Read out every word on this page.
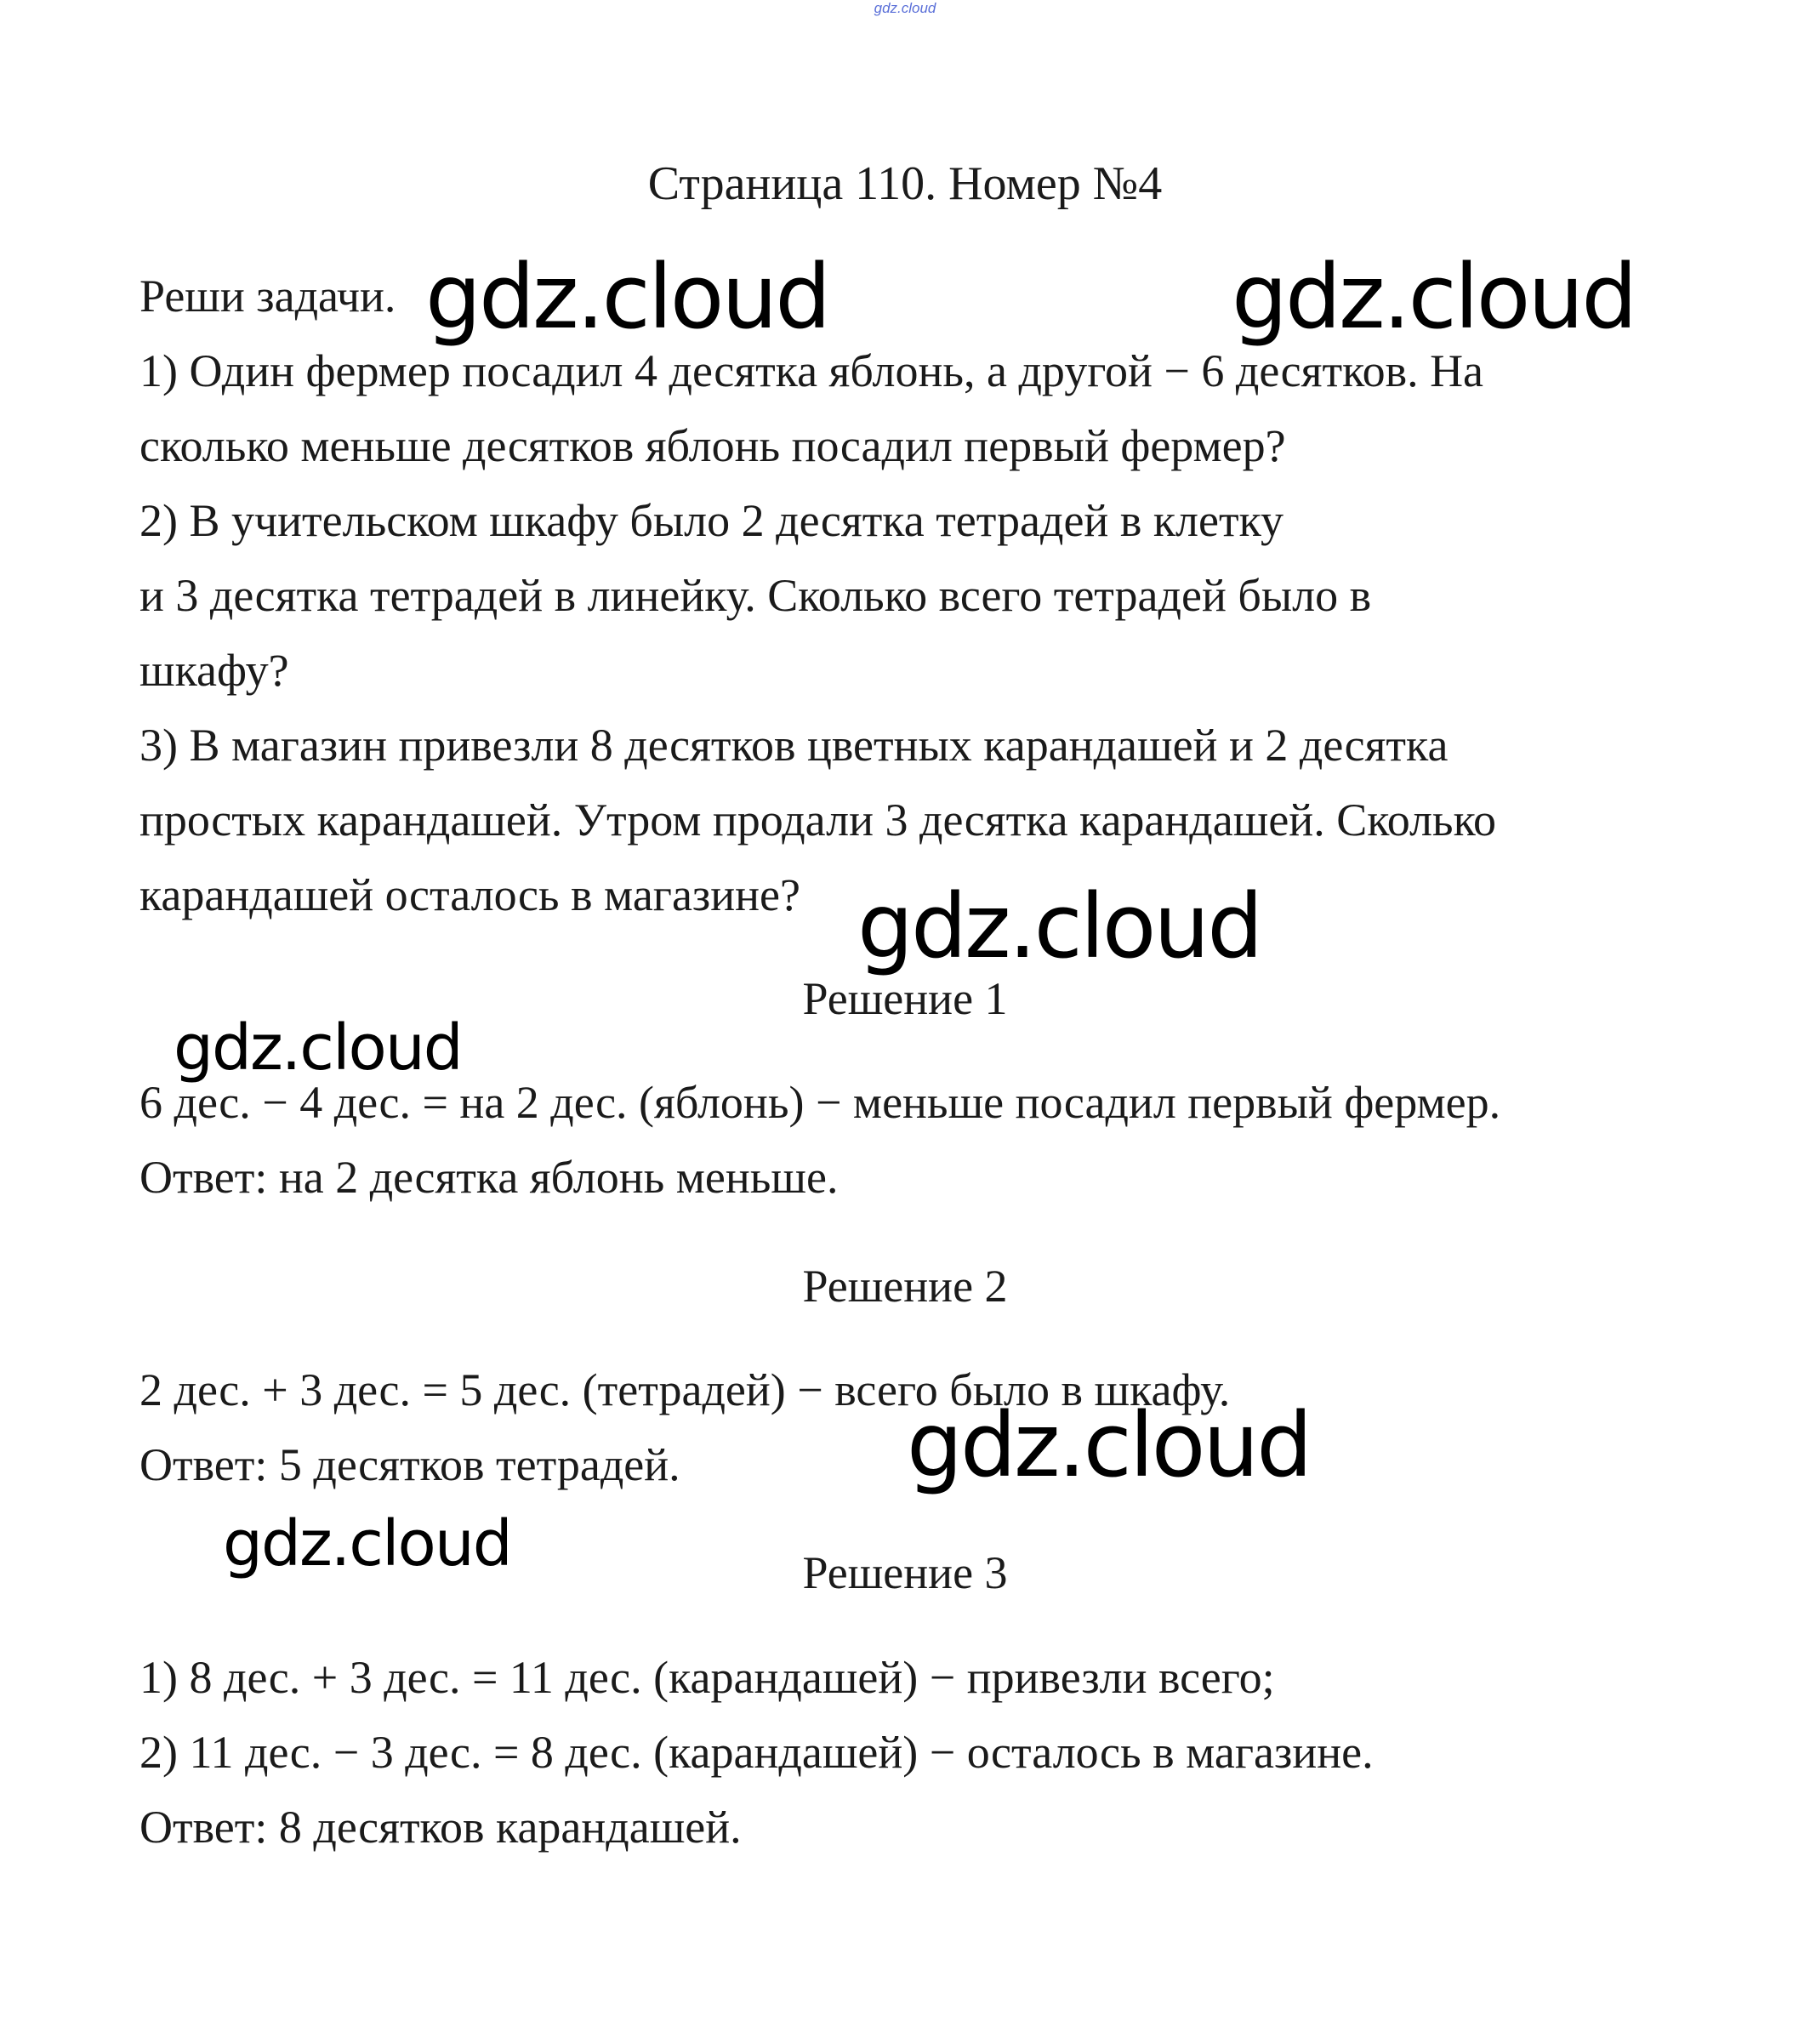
gdz.cloud
Страница 110. Номер №4
Реши задачи.
1) Один фермер посадил 4 десятка яблонь, а другой − 6 десятков. На
сколько меньше десятков яблонь посадил первый фермер?
2) В учительском шкафу было 2 десятка тетрадей в клетку
и 3 десятка тетрадей в линейку. Сколько всего тетрадей было в
шкафу?
3) В магазин привезли 8 десятков цветных карандашей и 2 десятка
простых карандашей. Утром продали 3 десятка карандашей. Сколько
карандашей осталось в магазине?
Решение 1
6 дес. − 4 дес. = на 2 дес. (яблонь) − меньше посадил первый фермер.
Ответ: на 2 десятка яблонь меньше.
Решение 2
2 дес. + 3 дес. = 5 дес. (тетрадей) − всего было в шкафу.
Ответ: 5 десятков тетрадей.
Решение 3
1) 8 дес. + 3 дес. = 11 дес. (карандашей) − привезли всего;
2) 11 дес. − 3 дес. = 8 дес. (карандашей) − осталось в магазине.
Ответ: 8 десятков карандашей.
gdz.cloud	gdz.cloud
gdz.cloud
gdz.cloud
gdz.cloud
gdz.cloud
